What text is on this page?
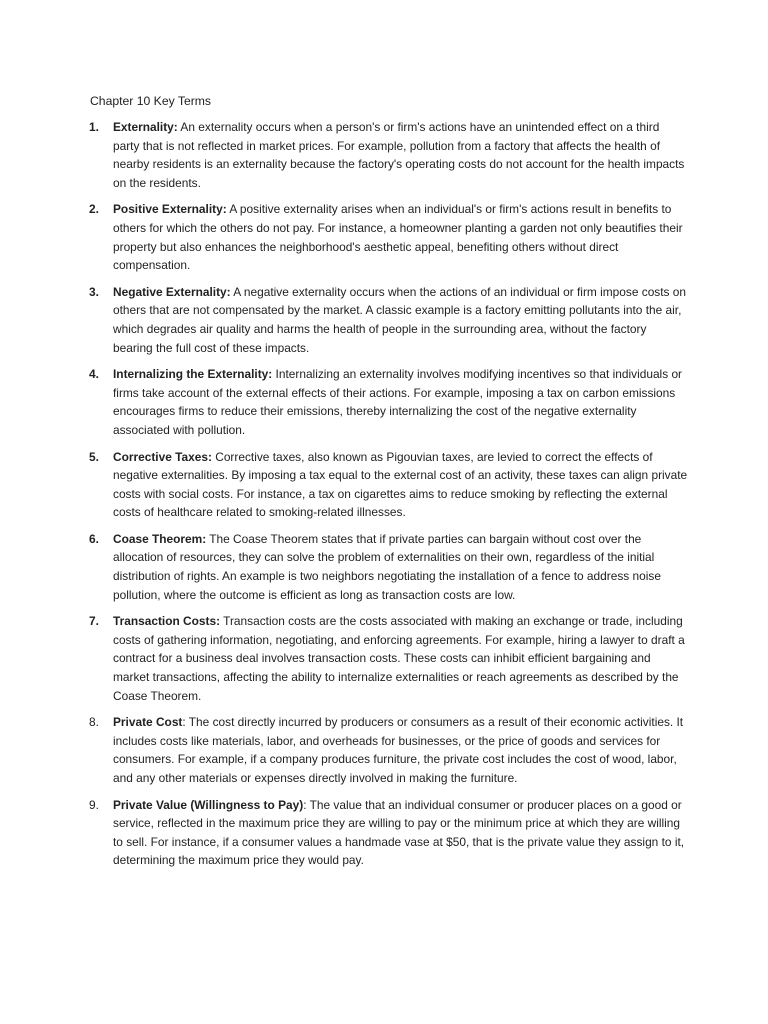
Chapter 10 Key Terms
1.	Externality: An externality occurs when a person's or firm's actions have an unintended effect on a third party that is not reflected in market prices. For example, pollution from a factory that affects the health of nearby residents is an externality because the factory's operating costs do not account for the health impacts on the residents.
2.	Positive Externality: A positive externality arises when an individual's or firm's actions result in benefits to others for which the others do not pay. For instance, a homeowner planting a garden not only beautifies their property but also enhances the neighborhood's aesthetic appeal, benefiting others without direct compensation.
3.	Negative Externality: A negative externality occurs when the actions of an individual or firm impose costs on others that are not compensated by the market. A classic example is a factory emitting pollutants into the air, which degrades air quality and harms the health of people in the surrounding area, without the factory bearing the full cost of these impacts.
4.	Internalizing the Externality: Internalizing an externality involves modifying incentives so that individuals or firms take account of the external effects of their actions. For example, imposing a tax on carbon emissions encourages firms to reduce their emissions, thereby internalizing the cost of the negative externality associated with pollution.
5.	Corrective Taxes: Corrective taxes, also known as Pigouvian taxes, are levied to correct the effects of negative externalities. By imposing a tax equal to the external cost of an activity, these taxes can align private costs with social costs. For instance, a tax on cigarettes aims to reduce smoking by reflecting the external costs of healthcare related to smoking-related illnesses.
6.	Coase Theorem: The Coase Theorem states that if private parties can bargain without cost over the allocation of resources, they can solve the problem of externalities on their own, regardless of the initial distribution of rights. An example is two neighbors negotiating the installation of a fence to address noise pollution, where the outcome is efficient as long as transaction costs are low.
7.	Transaction Costs: Transaction costs are the costs associated with making an exchange or trade, including costs of gathering information, negotiating, and enforcing agreements. For example, hiring a lawyer to draft a contract for a business deal involves transaction costs. These costs can inhibit efficient bargaining and market transactions, affecting the ability to internalize externalities or reach agreements as described by the Coase Theorem.
8.	Private Cost: The cost directly incurred by producers or consumers as a result of their economic activities. It includes costs like materials, labor, and overheads for businesses, or the price of goods and services for consumers. For example, if a company produces furniture, the private cost includes the cost of wood, labor, and any other materials or expenses directly involved in making the furniture.
9.	Private Value (Willingness to Pay): The value that an individual consumer or producer places on a good or service, reflected in the maximum price they are willing to pay or the minimum price at which they are willing to sell. For instance, if a consumer values a handmade vase at $50, that is the private value they assign to it, determining the maximum price they would pay.
